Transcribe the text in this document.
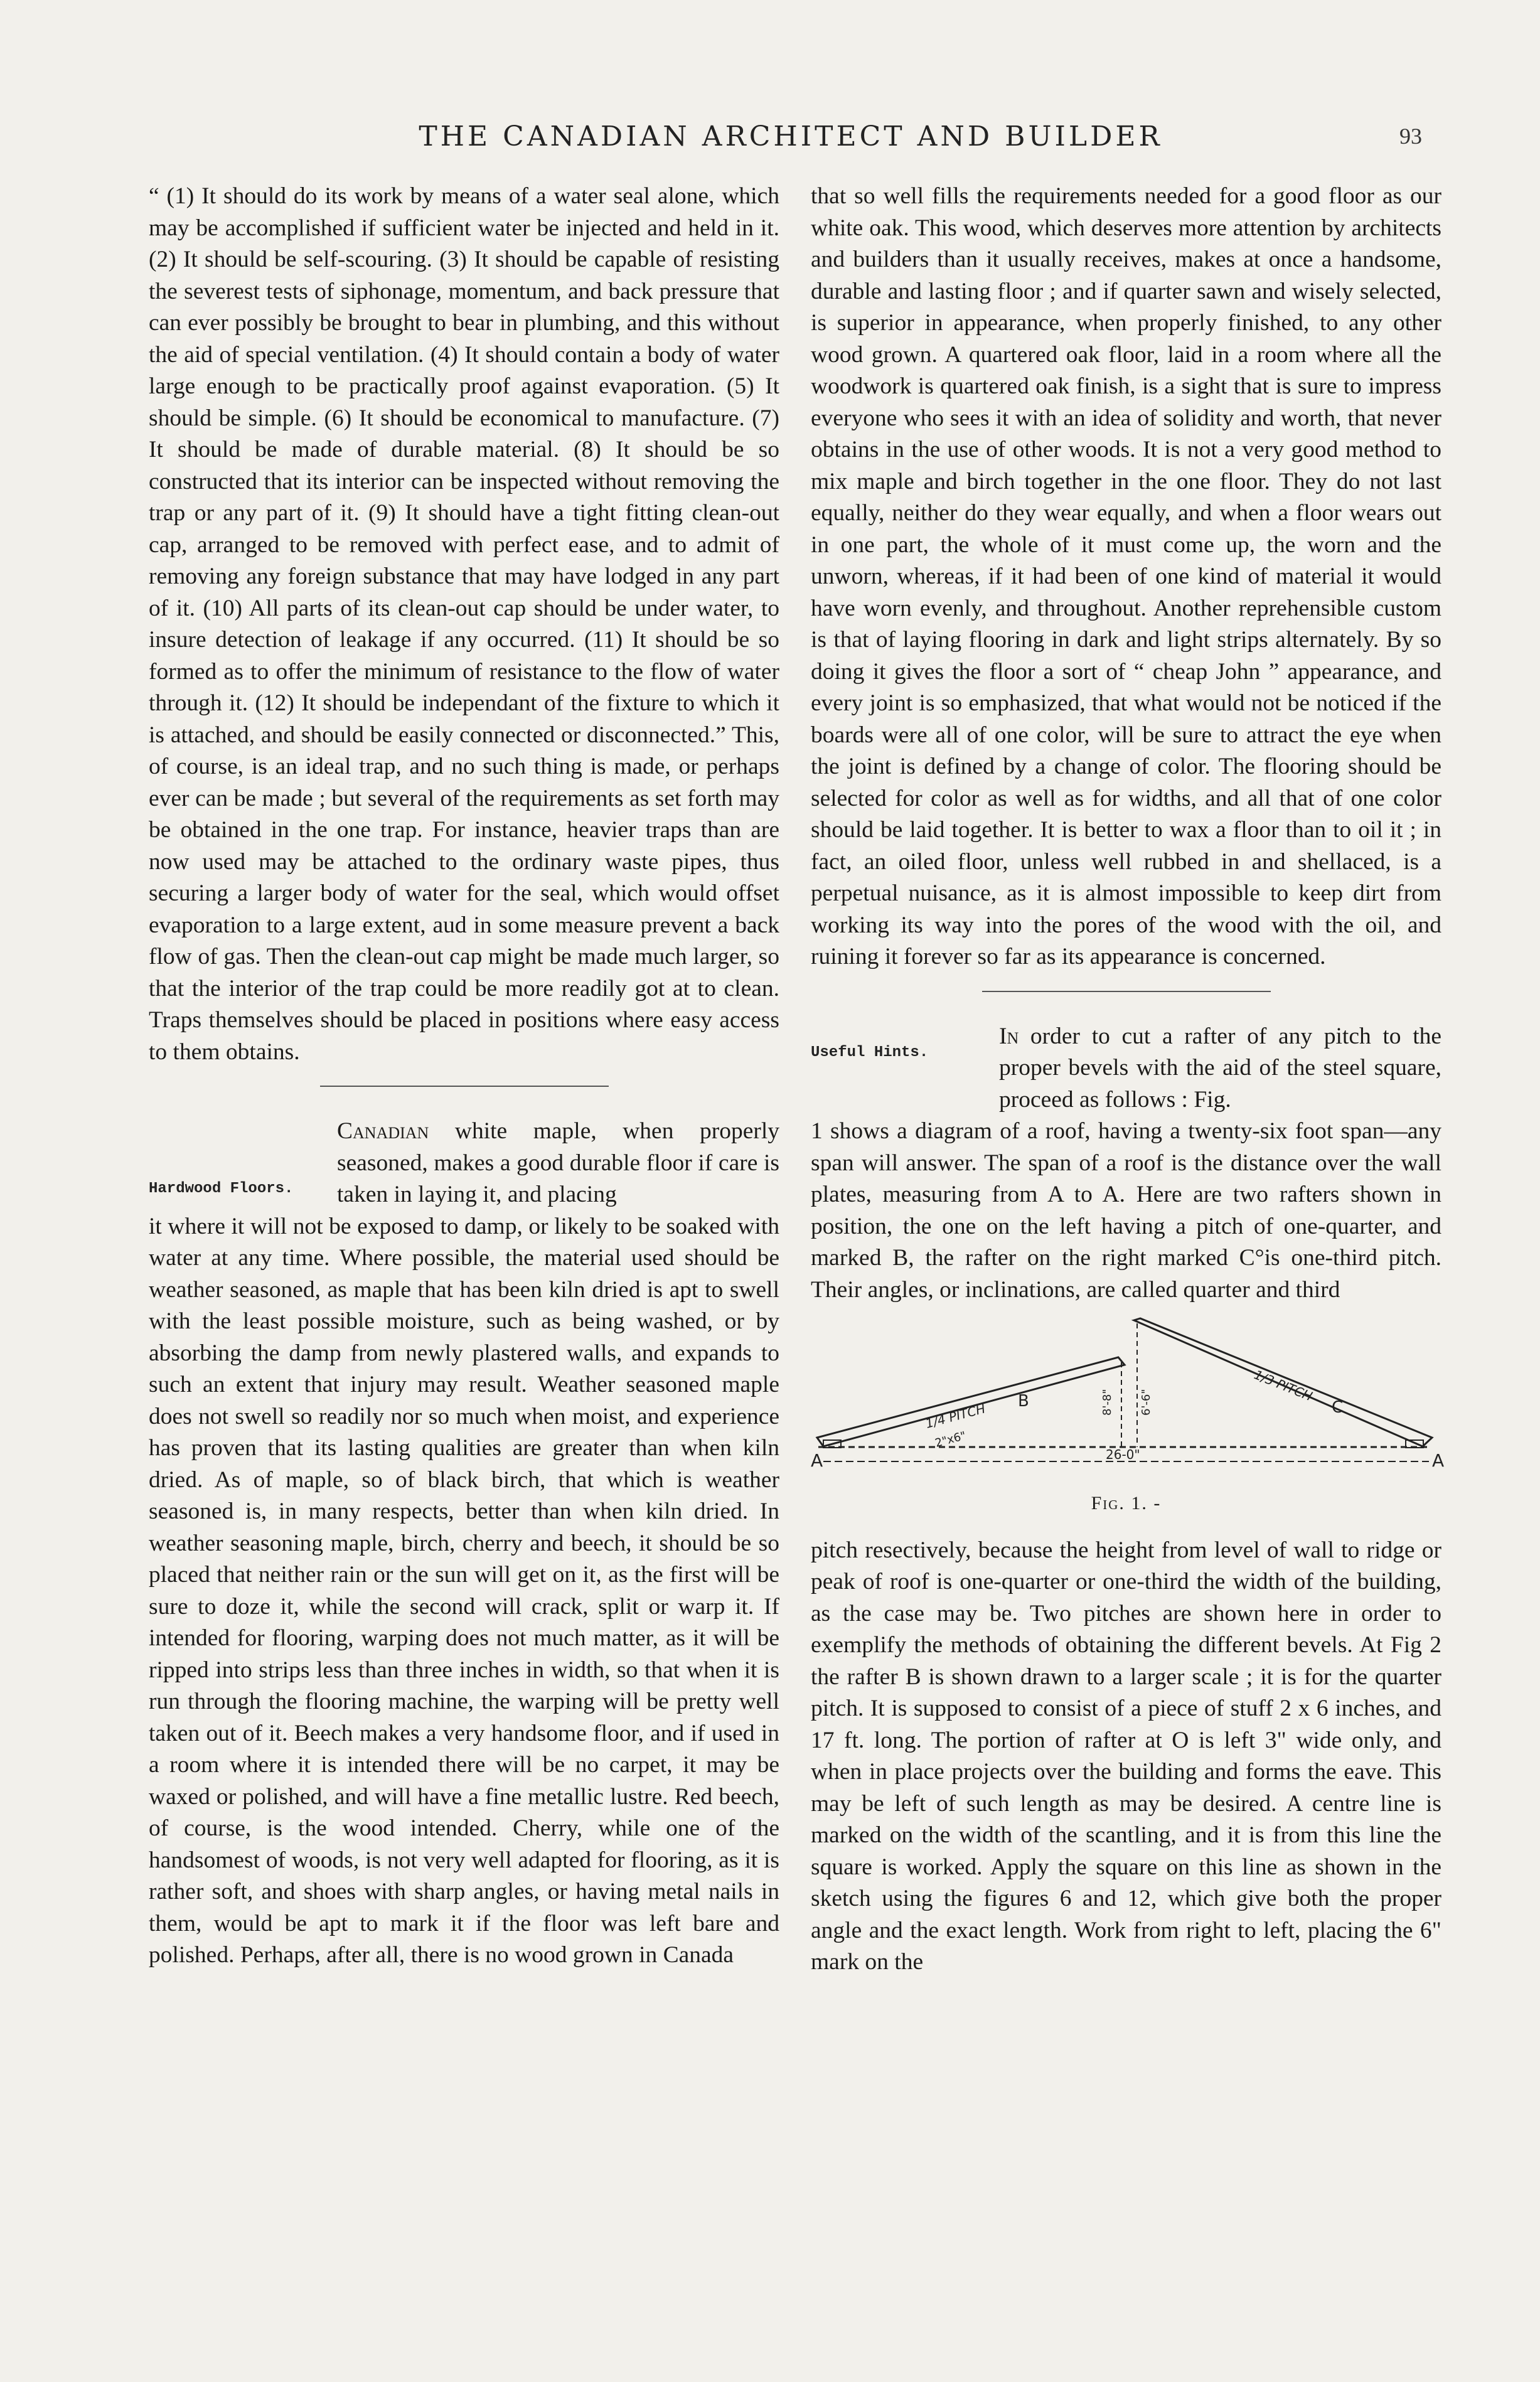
THE CANADIAN ARCHITECT AND BUILDER	93

“ (1) It should do its work by means of a water seal alone, which may be accomplished if sufficient water be injected and held in it. (2) It should be self-scouring. (3) It should be capable of resisting the severest tests of siphonage, momentum, and back pressure that can ever possibly be brought to bear in plumbing, and this without the aid of special ventilation. (4) It should contain a body of water large enough to be practically proof against evaporation. (5) It should be simple. (6) It should be economical to manufacture. (7) It should be made of durable material. (8) It should be so constructed that its interior can be inspected without removing the trap or any part of it. (9) It should have a tight fitting clean-out cap, arranged to be removed with perfect ease, and to admit of removing any foreign substance that may have lodged in any part of it. (10) All parts of its clean-out cap should be under water, to insure detection of leakage if any occurred. (11) It should be so formed as to offer the minimum of resistance to the flow of water through it. (12) It should be independant of the fixture to which it is attached, and should be easily connected or disconnected.” This, of course, is an ideal trap, and no such thing is made, or perhaps ever can be made ; but several of the requirements as set forth may be obtained in the one trap. For instance, heavier traps than are now used may be attached to the ordinary waste pipes, thus securing a larger body of water for the seal, which would offset evaporation to a large extent, aud in some measure prevent a back flow of gas. Then the clean-out cap might be made much larger, so that the interior of the trap could be more readily got at to clean. Traps themselves should be placed in positions where easy access to them obtains.

Hardwood Floors.
Canadian white maple, when properly seasoned, makes a good durable floor if care is taken in laying it, and placing

it where it will not be exposed to damp, or likely to be soaked with water at any time. Where possible, the material used should be weather seasoned, as maple that has been kiln dried is apt to swell with the least possible moisture, such as being washed, or by absorbing the damp from newly plastered walls, and expands to such an extent that injury may result. Weather seasoned maple does not swell so readily nor so much when moist, and experience has proven that its lasting qualities are greater than when kiln dried. As of maple, so of black birch, that which is weather seasoned is, in many respects, better than when kiln dried. In weather seasoning maple, birch, cherry and beech, it should be so placed that neither rain or the sun will get on it, as the first will be sure to doze it, while the second will crack, split or warp it. If intended for flooring, warping does not much matter, as it will be ripped into strips less than three inches in width, so that when it is run through the flooring machine, the warping will be pretty well taken out of it. Beech makes a very handsome floor, and if used in a room where it is intended there will be no carpet, it may be waxed or polished, and will have a fine metallic lustre. Red beech, of course, is the wood intended. Cherry, while one of the handsomest of woods, is not very well adapted for flooring, as it is rather soft, and shoes with sharp angles, or having metal nails in them, would be apt to mark it if the floor was left bare and polished. Perhaps, after all, there is no wood grown in Canada

that so well fills the requirements needed for a good floor as our white oak. This wood, which deserves more attention by architects and builders than it usually receives, makes at once a handsome, durable and lasting floor ; and if quarter sawn and wisely selected, is superior in appearance, when properly finished, to any other wood grown. A quartered oak floor, laid in a room where all the woodwork is quartered oak finish, is a sight that is sure to impress everyone who sees it with an idea of solidity and worth, that never obtains in the use of other woods. It is not a very good method to mix maple and birch together in the one floor. They do not last equally, neither do they wear equally, and when a floor wears out in one part, the whole of it must come up, the worn and the unworn, whereas, if it had been of one kind of material it would have worn evenly, and throughout. Another reprehensible custom is that of laying flooring in dark and light strips alternately. By so doing it gives the floor a sort of “ cheap John ” appearance, and every joint is so emphasized, that what would not be noticed if the boards were all of one color, will be sure to attract the eye when the joint is defined by a change of color. The flooring should be selected for color as well as for widths, and all that of one color should be laid together. It is better to wax a floor than to oil it ; in fact, an oiled floor, unless well rubbed in and shellaced, is a perpetual nuisance, as it is almost impossible to keep dirt from working its way into the pores of the wood with the oil, and ruining it forever so far as its appearance is concerned.

Useful Hints.
In order to cut a rafter of any pitch to the proper bevels with the aid of the steel square, proceed as follows : Fig.

1 shows a diagram of a roof, having a twenty-six foot span—any span will answer. The span of a roof is the distance over the wall plates, measuring from A to A. Here are two rafters shown in position, the one on the left having a pitch of one-quarter, and marked B, the rafter on the right marked C°is one-third pitch. Their angles, or inclinations, are called quarter and third

A	A
B	C
1/4 PITCH
1/3 PITCH
2"x6"
8'-8" 6'-6"
26-0"
Fig. 1. -

pitch resectively, because the height from level of wall to ridge or peak of roof is one-quarter or one-third the width of the building, as the case may be. Two pitches are shown here in order to exemplify the methods of obtaining the different bevels. At Fig 2 the rafter B is shown drawn to a larger scale ; it is for the quarter pitch. It is supposed to consist of a piece of stuff 2 x 6 inches, and 17 ft. long. The portion of rafter at O is left 3" wide only, and when in place projects over the building and forms the eave. This may be left of such length as may be desired. A centre line is marked on the width of the scantling, and it is from this line the square is worked. Apply the square on this line as shown in the sketch using the figures 6 and 12, which give both the proper angle and the exact length. Work from right to left, placing the 6" mark on the
